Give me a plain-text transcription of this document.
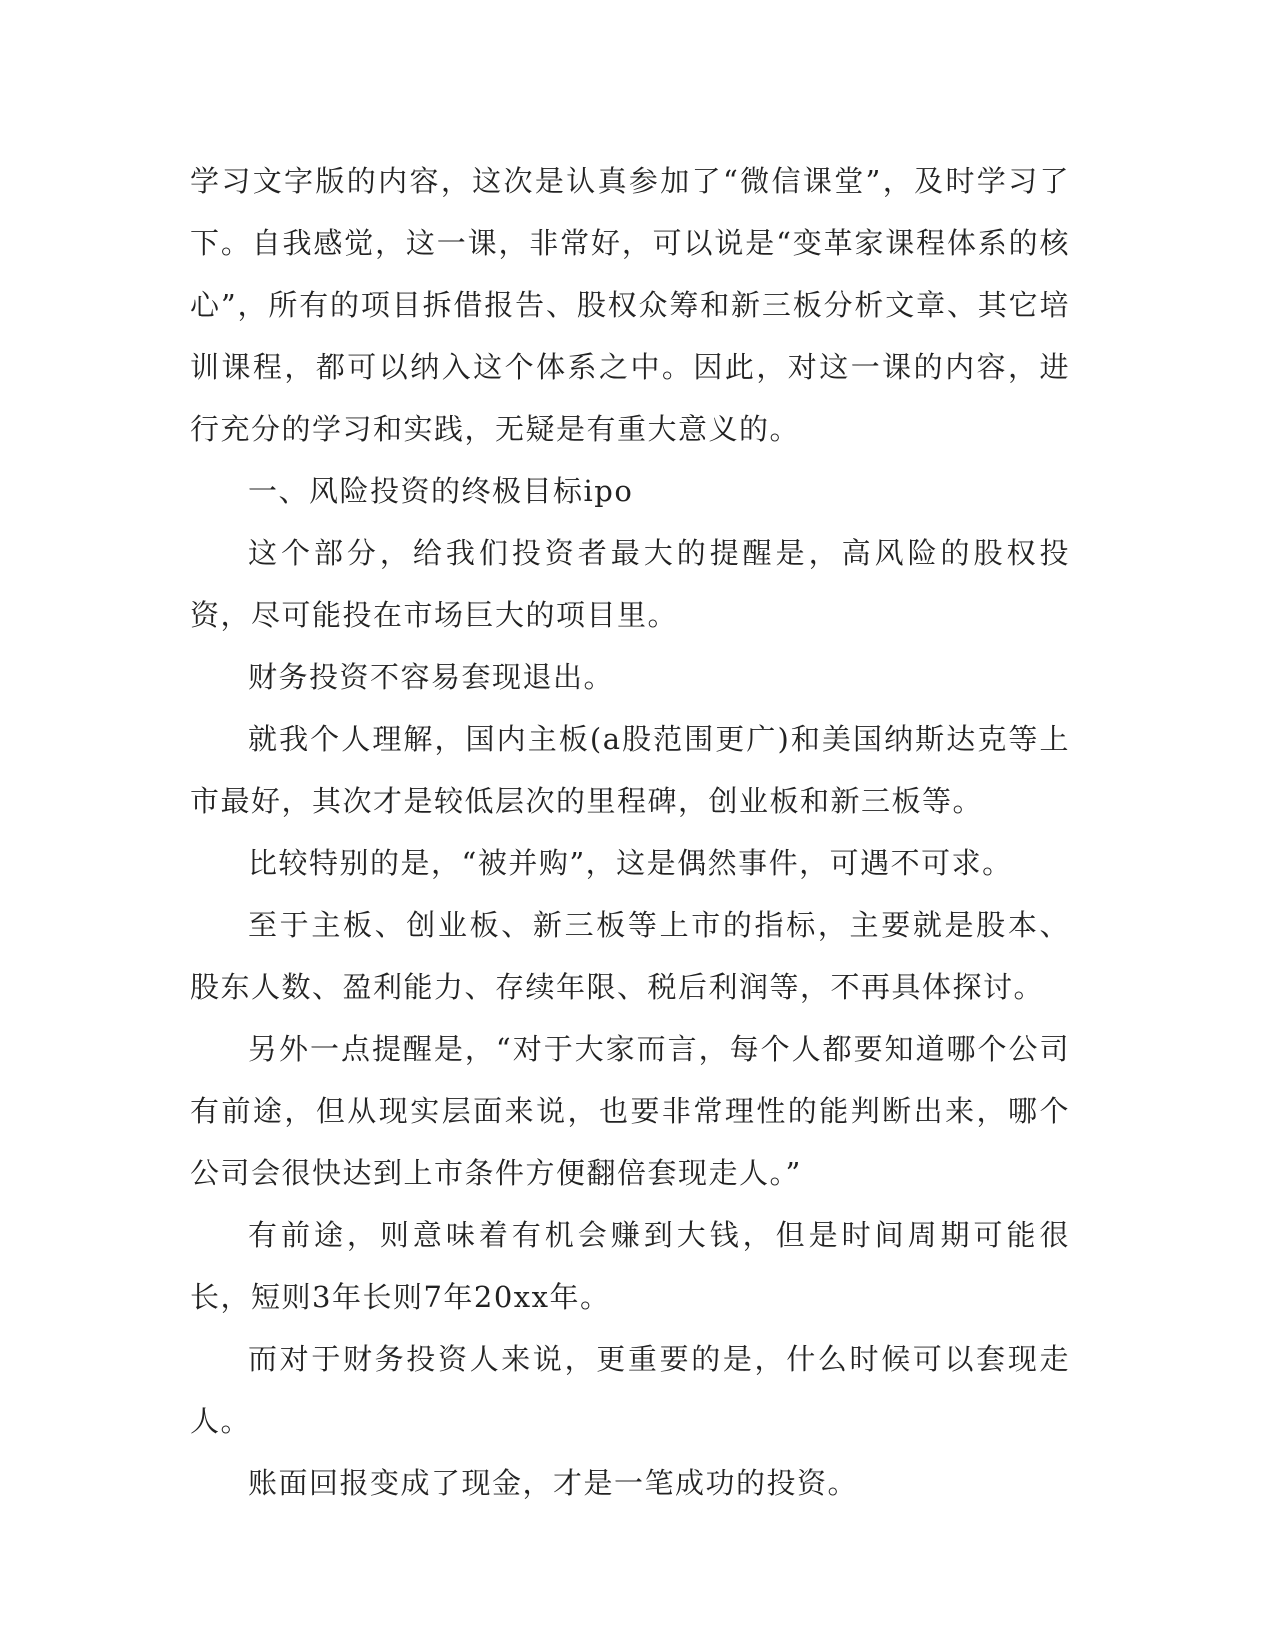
学习文字版的内容，这次是认真参加了“微信课堂”，及时学习了下。自我感觉，这一课，非常好，可以说是“变革家课程体系的核心”，所有的项目拆借报告、股权众筹和新三板分析文章、其它培训课程，都可以纳入这个体系之中。因此，对这一课的内容，进行充分的学习和实践，无疑是有重大意义的。

一、风险投资的终极目标ipo

这个部分，给我们投资者最大的提醒是，高风险的股权投资，尽可能投在市场巨大的项目里。

财务投资不容易套现退出。

就我个人理解，国内主板(a股范围更广)和美国纳斯达克等上市最好，其次才是较低层次的里程碑，创业板和新三板等。

比较特别的是，“被并购”，这是偶然事件，可遇不可求。

至于主板、创业板、新三板等上市的指标，主要就是股本、股东人数、盈利能力、存续年限、税后利润等，不再具体探讨。

另外一点提醒是，“对于大家而言，每个人都要知道哪个公司有前途，但从现实层面来说，也要非常理性的能判断出来，哪个公司会很快达到上市条件方便翻倍套现走人。”

有前途，则意味着有机会赚到大钱，但是时间周期可能很长，短则3年长则7年20xx年。

而对于财务投资人来说，更重要的是，什么时候可以套现走人。

账面回报变成了现金，才是一笔成功的投资。
